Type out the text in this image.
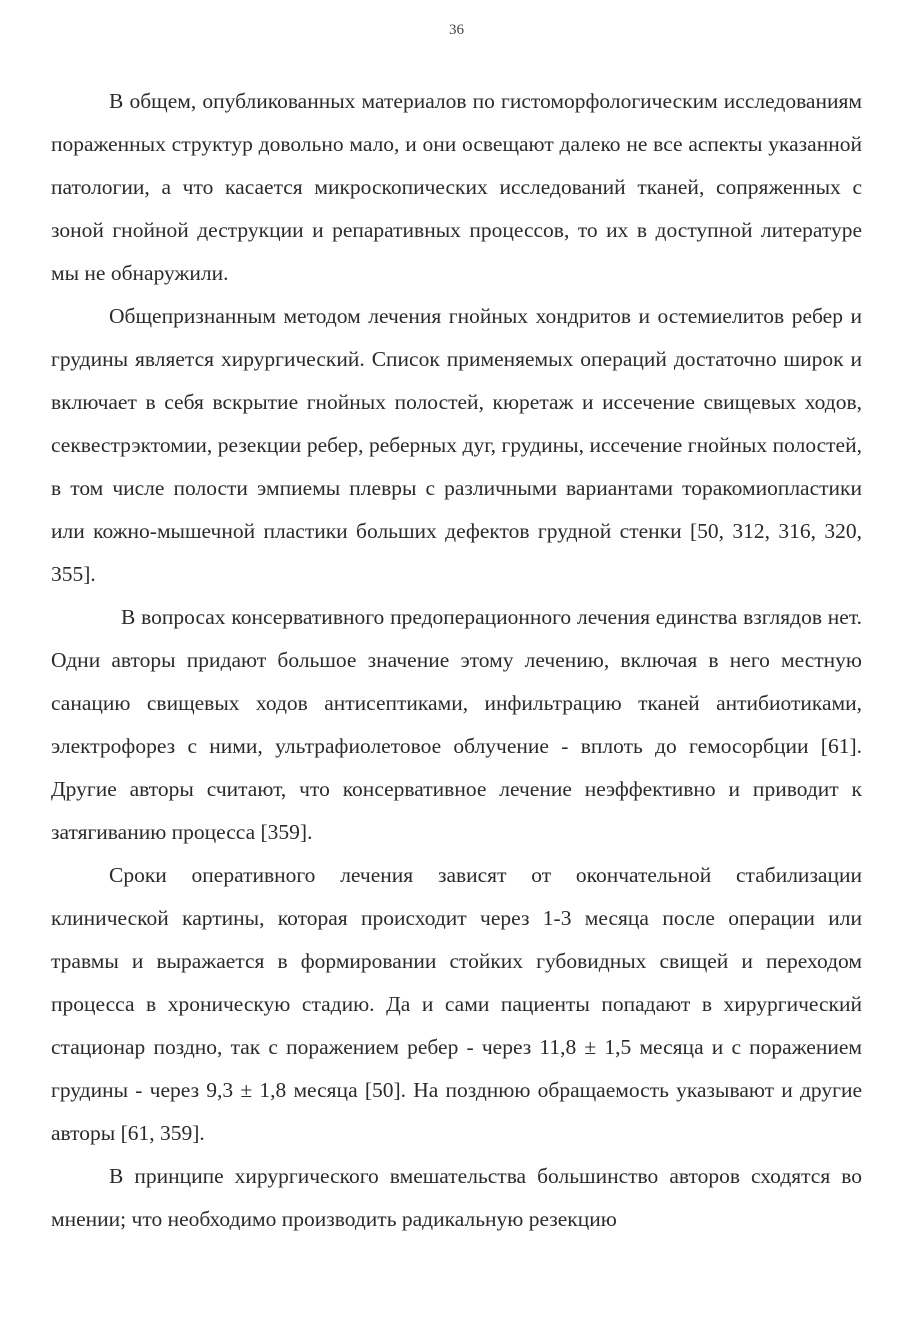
36

В общем, опубликованных материалов по гистоморфологическим исследованиям пораженных структур довольно мало, и они освещают далеко не все аспекты указанной патологии, а что касается микроскопических исследований тканей, сопряженных с зоной гнойной деструкции и репаративных процессов, то их в доступной литературе мы не обнаружили.

Общепризнанным методом лечения гнойных хондритов и остемиелитов ребер и грудины является хирургический. Список применяемых операций достаточно широк и включает в себя вскрытие гнойных полостей, кюретаж и иссечение свищевых ходов, секвестрэктомии, резекции ребер, реберных дуг, грудины, иссечение гнойных полостей, в том числе полости эмпиемы плевры с различными вариантами торакомиопластики или кожно-мышечной пластики больших дефектов грудной стенки [50, 312, 316, 320, 355].

В вопросах консервативного предоперационного лечения единства взглядов нет. Одни авторы придают большое значение этому лечению, включая в него местную санацию свищевых ходов антисептиками, инфильтрацию тканей антибиотиками, электрофорез с ними, ультрафиолетовое облучение - вплоть до гемосорбции [61]. Другие авторы считают, что консервативное лечение неэффективно и приводит к затягиванию процесса [359].

Сроки оперативного лечения зависят от окончательной стабилизации клинической картины, которая происходит через 1-3 месяца после операции или травмы и выражается в формировании стойких губовидных свищей и переходом процесса в хроническую стадию. Да и сами пациенты попадают в хирургический стационар поздно, так с поражением ребер - через 11,8 ± 1,5 месяца и с поражением грудины - через 9,3 ± 1,8 месяца [50]. На позднюю обращаемость указывают и другие авторы [61, 359].

В принципе хирургического вмешательства большинство авторов сходятся во мнении; что необходимо производить радикальную резекцию
